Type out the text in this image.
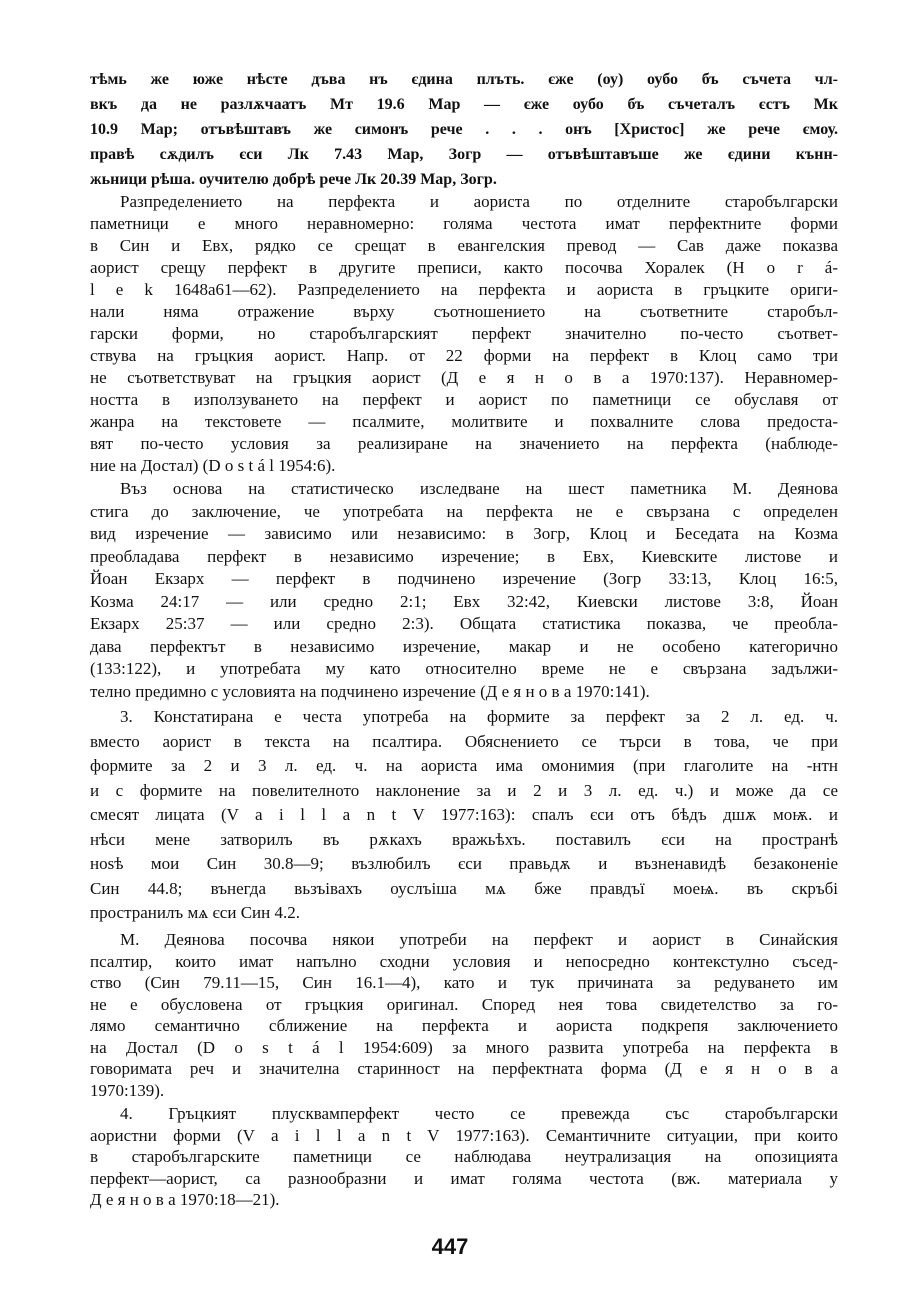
тѣмь же юже нѣсте дъва нъ єдина плъть. єже (оу) оубо бъ съчета чл-
вкъ да не разлѫчаатъ Мт 19.6 Мар — єже оубо бъ съчеталъ єстъ Мк
10.9 Мар; отъвѣштавъ же симонъ рече . . . онъ [Христос] же рече ємоу.
правѣ сѫдилъ єси Лк 7.43 Мар, Зогр — отъвѣштавъше же єдини кънн-
жьници рѣша. оучителю добрѣ рече Лк 20.39 Мар, Зогр.
Разпределението на перфекта и аориста по отделните старобългарски
паметници е много неравномерно: голяма честота имат перфектните форми
в Син и Евх, рядко се срещат в евангелския превод — Сав даже показва
аорист срещу перфект в другите преписи, както посочва Хоралек (H o r á-
l e k 1648а61—62). Разпределението на перфекта и аориста в гръцките ориги-
нали няма отражение върху съотношението на съответните старобъл-
гарски форми, но старобългарският перфект значително по-често съответ-
ствува на гръцкия аорист. Напр. от 22 форми на перфект в Клоц само три
не съответствуват на гръцкия аорист (Д е я н о в а 1970:137). Неравномер-
ността в използуването на перфект и аорист по паметници се обуславя от
жанра на текстовете — псалмите, молитвите и похвалните слова предоста-
вят по-често условия за реализиране на значението на перфекта (наблюде-
ние на Достал) (D o s t á l 1954:6).
Въз основа на статистическо изследване на шест паметника М. Деянова
стига до заключение, че употребата на перфекта не е свързана с определен
вид изречение — зависимо или независимо: в Зогр, Клоц и Беседата на Козма
преобладава перфект в независимо изречение; в Евх, Киевските листове и
Йоан Екзарх — перфект в подчинено изречение (Зогр 33:13, Клоц 16:5,
Козма 24:17 — или средно 2:1; Евх 32:42, Киевски листове 3:8, Йоан
Екзарх 25:37 — или средно 2:3). Общата статистика показва, че преобла-
дава перфектът в независимо изречение, макар и не особено категорично
(133:122), и употребата му като относително време не е свързана задължи-
телно предимно с условията на подчинено изречение (Д е я н о в а 1970:141).
3. Констатирана е честа употреба на формите за перфект за 2 л. ед. ч.
вместо аорист в текста на псалтира. Обяснението се търси в това, че при
формите за 2 и 3 л. ед. ч. на аориста има омонимия (при глаголите на -нтн
и с формите на повелителното наклонение за и 2 и 3 л. ед. ч.) и може да се
смесят лицата (V a i l l a n t V 1977:163): спалъ єси отъ бѣдъ дшѫ моѭ. и
нѣси мене затворилъ въ рѫкахъ вражьѣхъ. поставилъ єси на пространѣ
ноѕѣ мои Син 30.8—9; възлюбилъ єси правьдѫ и възненавидѣ безаконеніе
Син 44.8; вънегда вьзъівахъ оуслъіша мѧ бже правдъї моеѩ. въ скръбі
пространилъ мѧ єси Син 4.2.
М. Деянова посочва някои употреби на перфект и аорист в Синайския
псалтир, които имат напълно сходни условия и непосредно контекстулно съсед-
ство (Син 79.11—15, Син 16.1—4), като и тук причината за редуването им
не е обусловена от гръцкия оригинал. Според нея това свидетелство за го-
лямо семантично сближение на перфекта и аориста подкрепя заключението
на Достал (D o s t á l 1954:609) за много развита употреба на перфекта в
говоримата реч и значителна старинност на перфектната форма (Д е я н о в а
1970:139).
4. Гръцкият плусквамперфект често се превежда със старобългарски
аористни форми (V a i l l a n t V 1977:163). Семантичните ситуации, при които
в старобългарските паметници се наблюдава неутрализация на опозицията
перфект—аорист, са разнообразни и имат голяма честота (вж. материала у
Д е я н о в а 1970:18—21).
447
